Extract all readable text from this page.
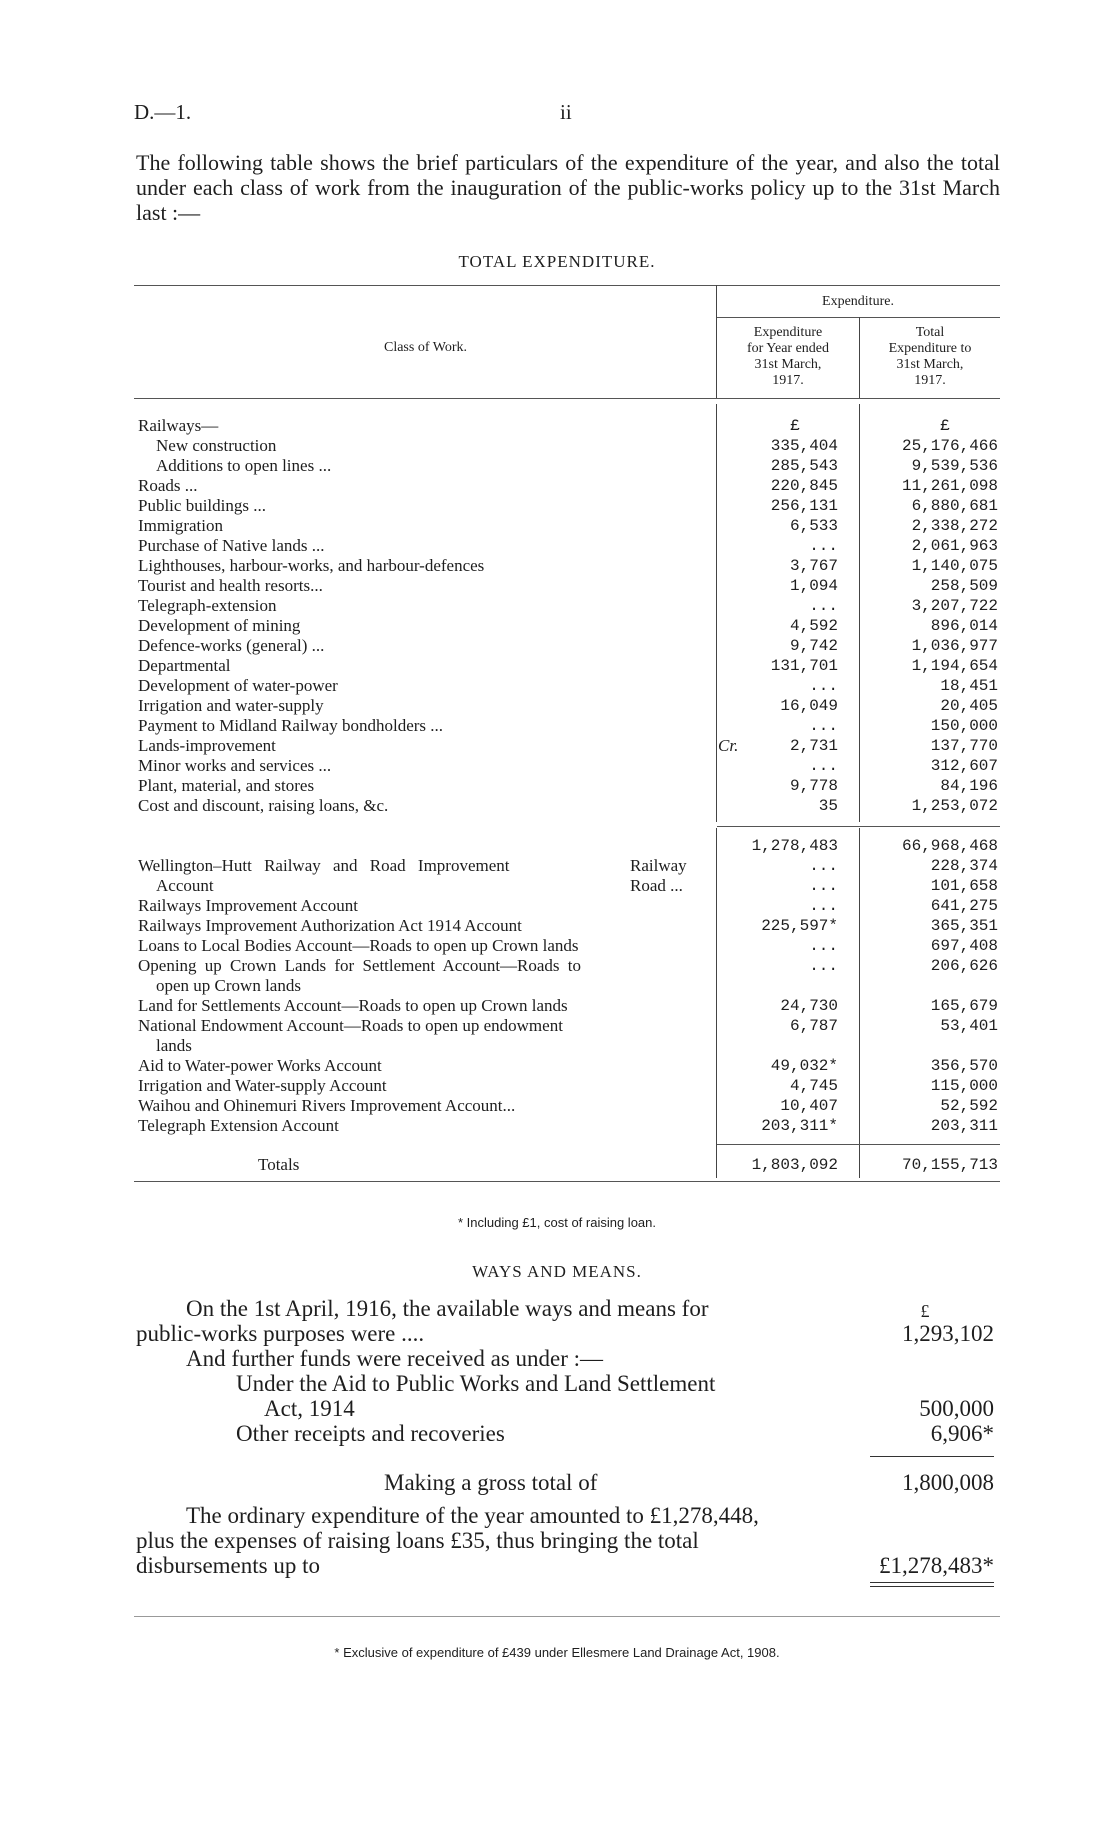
D.—1.	ii
The following table shows the brief particulars of the expenditure of the year, and also the total under each class of work from the inauguration of the public-works policy up to the 31st March last :—
TOTAL EXPENDITURE.
Class of Work.
Expenditure.
Expenditure
for Year ended
31st March,
1917.
Total
Expenditure to
31st March,
1917.
Railways—	£	£
New construction	335,404	25,176,466
Additions to open lines ...	285,543	9,539,536
Roads ...	220,845	11,261,098
Public buildings ...	256,131	6,880,681
Immigration	6,533	2,338,272
Purchase of Native lands ...	...	2,061,963
Lighthouses, harbour-works, and harbour-defences	3,767	1,140,075
Tourist and health resorts...	1,094	258,509
Telegraph-extension	...	3,207,722
Development of mining	4,592	896,014
Defence-works (general) ...	9,742	1,036,977
Departmental	131,701	1,194,654
Development of water-power	...	18,451
Irrigation and water-supply	16,049	20,405
Payment to Midland Railway bondholders ...	...	150,000
Lands-improvement	Cr.	2,731	137,770
Minor works and services ...	...	312,607
Plant, material, and stores	9,778	84,196
Cost and discount, raising loans, &c.	35	1,253,072
1,278,483	66,968,468
Wellington–Hutt Railway and Road Improvement	Railway	...	228,374
Account	Road ...	...	101,658
Railways Improvement Account	...	641,275
Railways Improvement Authorization Act 1914 Account	225,597*	365,351
Loans to Local Bodies Account—Roads to open up Crown lands	...	697,408
Opening up Crown Lands for Settlement Account—Roads to	...	206,626
open up Crown lands
Land for Settlements Account—Roads to open up Crown lands	24,730	165,679
National Endowment Account—Roads to open up endowment	6,787	53,401
lands
Aid to Water-power Works Account	49,032*	356,570
Irrigation and Water-supply Account	4,745	115,000
Waihou and Ohinemuri Rivers Improvement Account...	10,407	52,592
Telegraph Extension Account	203,311*	203,311
Totals	1,803,092	70,155,713
* Including £1, cost of raising loan.
WAYS AND MEANS.
On the 1st April, 1916, the available ways and means for	£
public-works purposes were ....	1,293,102
And further funds were received as under :—
Under the Aid to Public Works and Land Settlement
Act, 1914	500,000
Other receipts and recoveries	6,906*
Making a gross total of	1,800,008
The ordinary expenditure of the year amounted to £1,278,448,
plus the expenses of raising loans £35, thus bringing the total
disbursements up to	£1,278,483*
* Exclusive of expenditure of £439 under Ellesmere Land Drainage Act, 1908.
